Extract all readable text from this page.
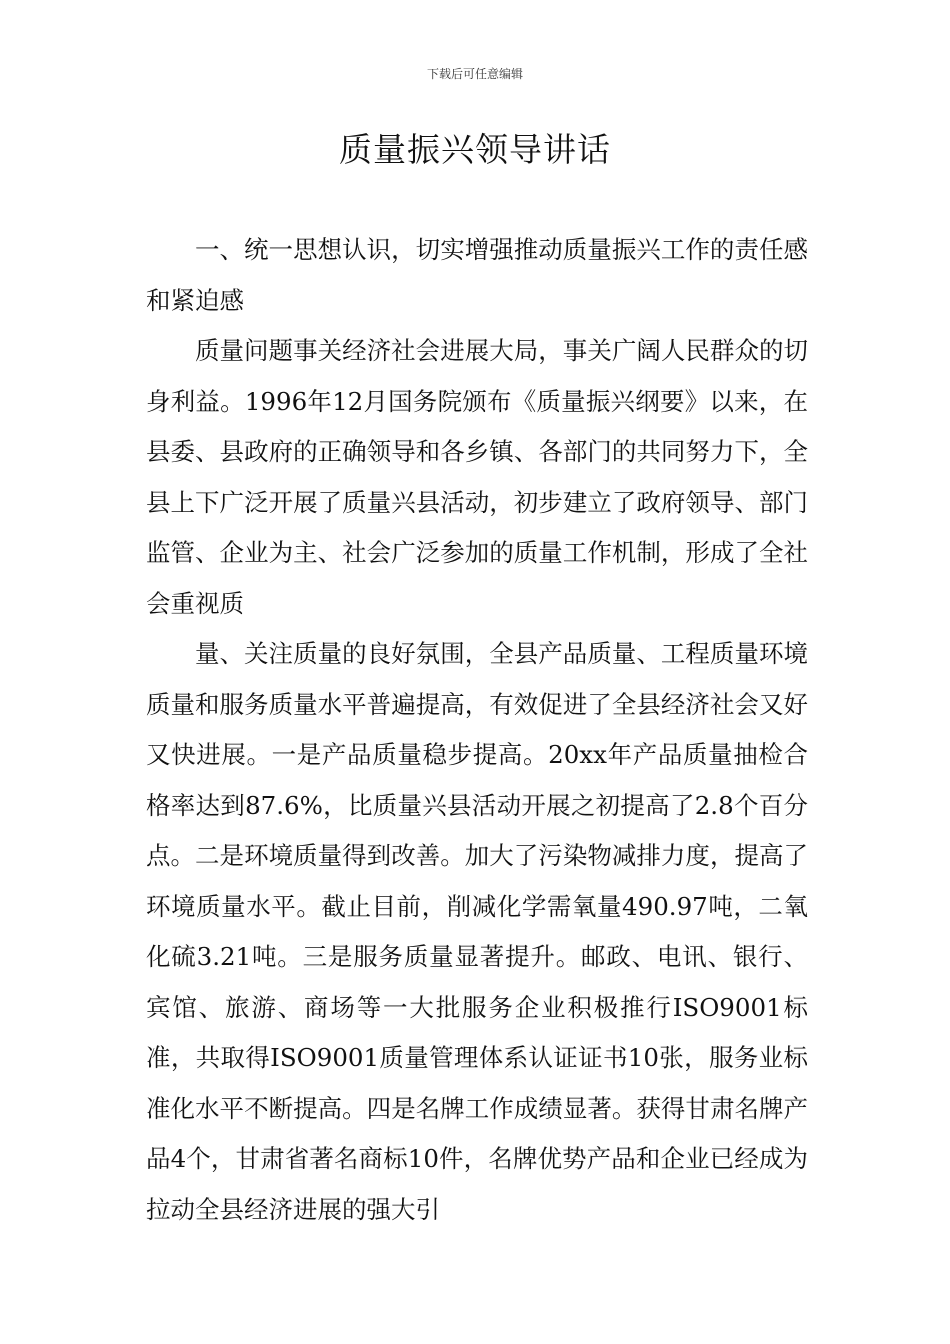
下载后可任意编辑
质量振兴领导讲话

一、统一思想认识，切实增强推动质量振兴工作的责任感和紧迫感

质量问题事关经济社会进展大局，事关广阔人民群众的切身利益。1996年12月国务院颁布《质量振兴纲要》以来，在县委、县政府的正确领导和各乡镇、各部门的共同努力下，全县上下广泛开展了质量兴县活动，初步建立了政府领导、部门监管、企业为主、社会广泛参加的质量工作机制，形成了全社会重视质

量、关注质量的良好氛围，全县产品质量、工程质量环境质量和服务质量水平普遍提高，有效促进了全县经济社会又好又快进展。一是产品质量稳步提高。20xx年产品质量抽检合格率达到87.6%，比质量兴县活动开展之初提高了2.8个百分点。二是环境质量得到改善。加大了污染物减排力度，提高了环境质量水平。截止目前，削减化学需氧量490.97吨，二氧化硫3.21吨。三是服务质量显著提升。邮政、电讯、银行、宾馆、旅游、商场等一大批服务企业积极推行ISO9001标准，共取得ISO9001质量管理体系认证证书10张，服务业标准化水平不断提高。四是名牌工作成绩显著。获得甘肃名牌产品4个，甘肃省著名商标10件，名牌优势产品和企业已经成为拉动全县经济进展的强大引
